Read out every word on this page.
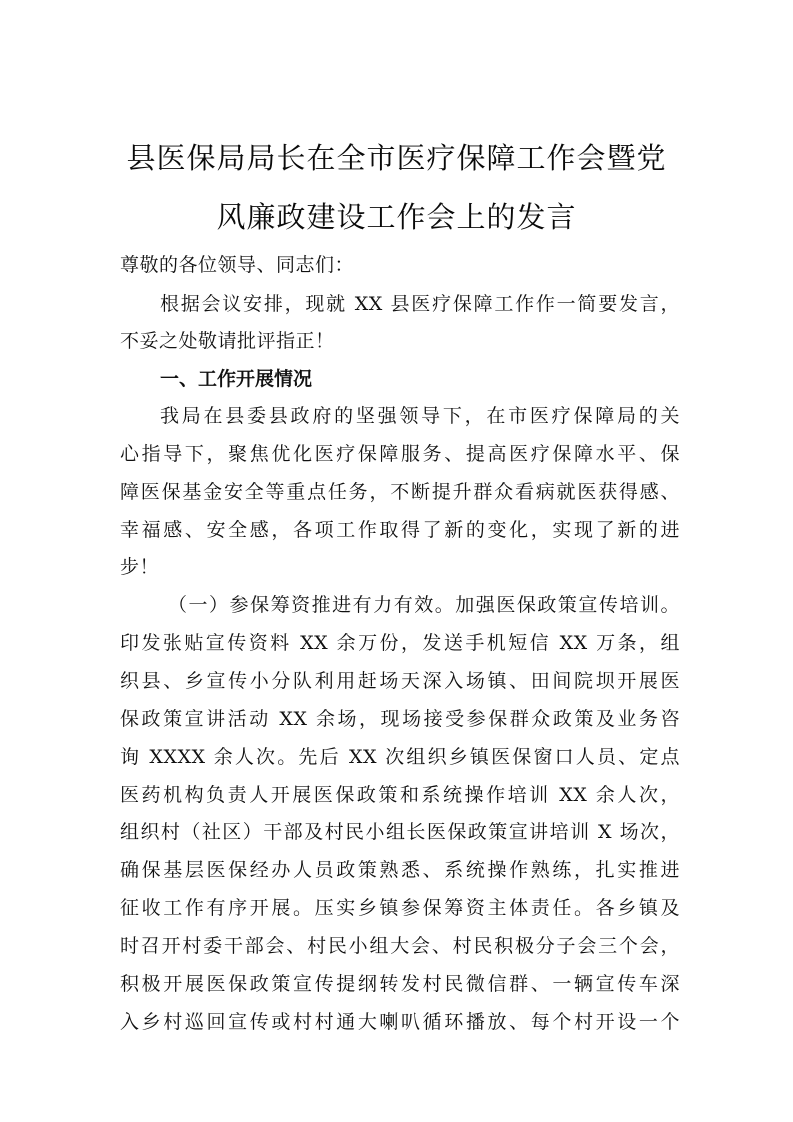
县医保局局长在全市医疗保障工作会暨党
风廉政建设工作会上的发言
尊敬的各位领导、同志们：
根据会议安排，现就 XX 县医疗保障工作作一简要发言，
不妥之处敬请批评指正！
一、工作开展情况
我局在县委县政府的坚强领导下，在市医疗保障局的关
心指导下，聚焦优化医疗保障服务、提高医疗保障水平、保
障医保基金安全等重点任务，不断提升群众看病就医获得感、
幸福感、安全感，各项工作取得了新的变化，实现了新的进
步！
（一）参保筹资推进有力有效。加强医保政策宣传培训。
印发张贴宣传资料 XX 余万份，发送手机短信 XX 万条，组
织县、乡宣传小分队利用赶场天深入场镇、田间院坝开展医
保政策宣讲活动 XX 余场，现场接受参保群众政策及业务咨
询 XXXX 余人次。先后 XX 次组织乡镇医保窗口人员、定点
医药机构负责人开展医保政策和系统操作培训 XX 余人次，
组织村（社区）干部及村民小组长医保政策宣讲培训 X 场次，
确保基层医保经办人员政策熟悉、系统操作熟练，扎实推进
征收工作有序开展。压实乡镇参保筹资主体责任。各乡镇及
时召开村委干部会、村民小组大会、村民积极分子会三个会，
积极开展医保政策宣传提纲转发村民微信群、一辆宣传车深
入乡村巡回宣传或村村通大喇叭循环播放、每个村开设一个
